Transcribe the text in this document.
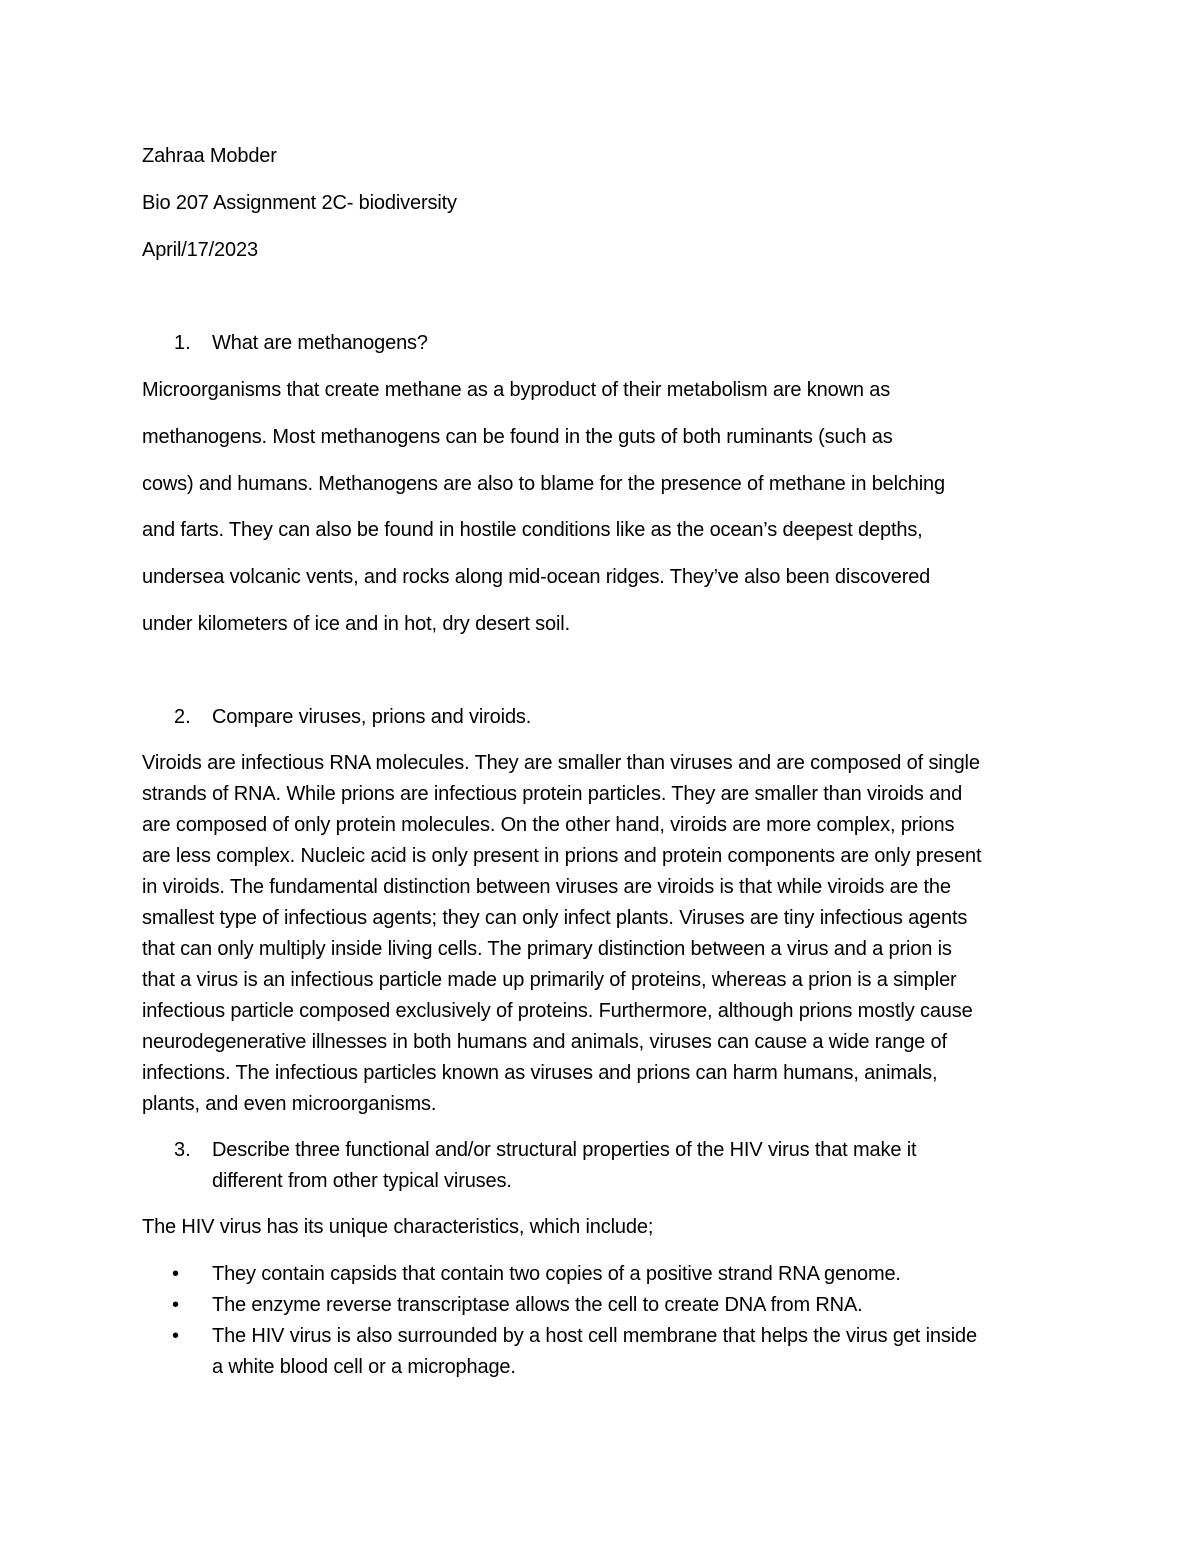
Zahraa Mobder
Bio 207 Assignment 2C- biodiversity
April/17/2023
1. What are methanogens?
Microorganisms that create methane as a byproduct of their metabolism are known as
methanogens. Most methanogens can be found in the guts of both ruminants (such as
cows) and humans. Methanogens are also to blame for the presence of methane in belching
and farts. They can also be found in hostile conditions like as the ocean’s deepest depths,
undersea volcanic vents, and rocks along mid-ocean ridges. They’ve also been discovered
under kilometers of ice and in hot, dry desert soil.
2. Compare viruses, prions and viroids.
Viroids are infectious RNA molecules. They are smaller than viruses and are composed of single
strands of RNA. While prions are infectious protein particles. They are smaller than viroids and
are composed of only protein molecules. On the other hand, viroids are more complex, prions
are less complex. Nucleic acid is only present in prions and protein components are only present
in viroids. The fundamental distinction between viruses are viroids is that while viroids are the
smallest type of infectious agents; they can only infect plants. Viruses are tiny infectious agents
that can only multiply inside living cells. The primary distinction between a virus and a prion is
that a virus is an infectious particle made up primarily of proteins, whereas a prion is a simpler
infectious particle composed exclusively of proteins. Furthermore, although prions mostly cause
neurodegenerative illnesses in both humans and animals, viruses can cause a wide range of
infections. The infectious particles known as viruses and prions can harm humans, animals,
plants, and even microorganisms.
3. Describe three functional and/or structural properties of the HIV virus that make it
different from other typical viruses.
The HIV virus has its unique characteristics, which include;
• They contain capsids that contain two copies of a positive strand RNA genome.
• The enzyme reverse transcriptase allows the cell to create DNA from RNA.
• The HIV virus is also surrounded by a host cell membrane that helps the virus get inside
a white blood cell or a microphage.
